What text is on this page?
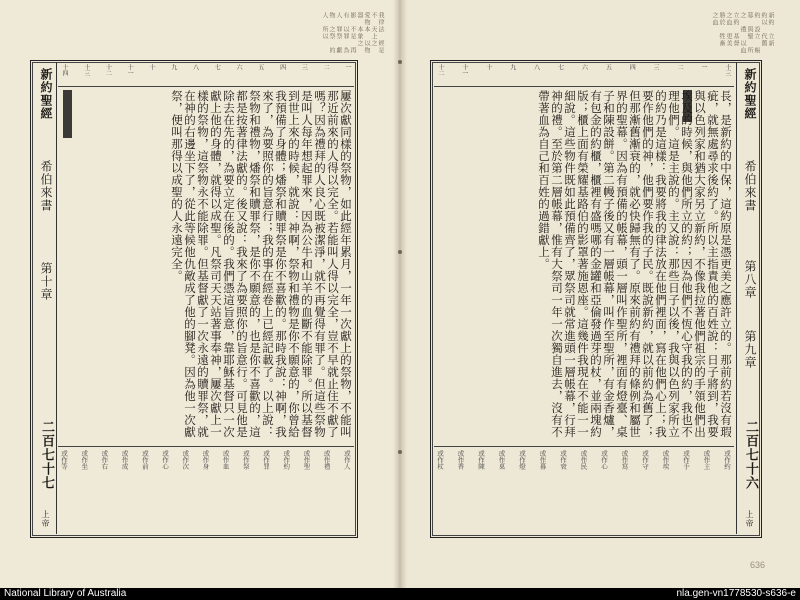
我律法　經是不　天上之　愛物本　以物器　本象之　影　不是　再有　以罪　為人　罪祭　獻物　之祭　的人　所以
新約聖經
希伯來書
第十章
二百七十七
上帝
一
二
三
四
五
六
七
八
九
十
十一
十二
十三
十四
屢次獻同樣的祭物，如此經年累月，一年一次獻上的祭物，不能叫那近前來的人得以完全。若能叫人得以完全，豈不早就止住不獻了嗎？因為禮拜的人良心既被潔淨，就不再覺得有罪了。但這些祭物是叫人每年想起罪來，因為公牛和山羊的血斷不能除罪。所以基督到世上來的時候，就說：神啊，祭物和禮物是你不願意的，你曾給我預備了身體；燔祭和贖罪祭是你不喜歡的。那時我說：神啊，我來了，為要照你的旨意行；我的事在經卷上已經記載了。以上說：祭物和禮物，燔祭和贖罪祭，是你不願意的，也是你不喜歡的，這都是按著律法獻的。後又說：我來了為要照你的旨意行。可見他是除去在先的，為要立定在後的。我們憑這旨意，靠耶穌基督只一次獻上他的身體，就得以成聖。凡祭司天天站著事奉神，屢次獻上一樣的祭物，這祭物永不能除罪。但基督獻了一次永遠的贖罪祭，就在神的右邊坐下了，從此等候他仇敵成了他的腳凳。因為他一次獻祭，便叫那得以成聖的人永遠完全。
或作人
或作禮
或作聖
或作約
或作罪
或作祭
或作血
或作身
或作次
或作心
或作前
或作成
或作右
或作坐
或作等
新約　立新　約以　代舊　約　設立　帳幕　與聖　所之　禮　以血　立約　基督　之血　更美　勝於　牲畜　之血
新約聖經
希伯來書
第八章
第九章
二百七十六
上帝
十三
一
二
三
四
五
六
七
八
九
十
十一
十二
長，是新約的中保，這約原是憑更美之應許立的。那前約若沒有瑕疵，就無處尋求後約了。所以主指責他的百姓說：日子將到，我要與以色列家和猶大家另立新約，不像我拉著他們祖宗的手領他們出埃及的時候，與他們所立的約；因為他們不恆心守我的約，我也不理他們。這是主說的。主又說：那些日子以後，我與以色列家所立的約乃是這樣：我要將我的律法放在他們裡面，寫在他們心上；我要作他們的神，他們要作我的子民。既說新約，就以前約為舊了；但那漸舊漸衰的，就必快歸無有了。原來前約有禮拜的條例和屬世界的聖幕。因為有預備的帳幕，頭一層叫作聖所，裡面有燈臺、桌子和陳設餅。第二幔子後又有一層帳幕，叫作至聖所，有金香爐，有包金的約櫃，櫃裡有盛嗎哪的金罐和亞倫發過芽的杖，並兩塊約版；櫃上面有榮耀基路伯的影罩著施恩座。這幾件我現在不能一一細說。這些物件既如此預備齊了，眾祭司就常進頭一層帳幕，行拜神的禮。至於第二層帳幕，惟有大祭司一年一次獨自進去，沒有不帶著血為自己和百姓的過錯獻上。
或作約
或作主
或作手
或作埃
或作守
或作寫
或作心
或作民
或作衰
或作幕
或作燈
或作桌
或作陳
或作香
或作杖
636
National Library of Australia	nla.gen-vn1778530-s636-e
